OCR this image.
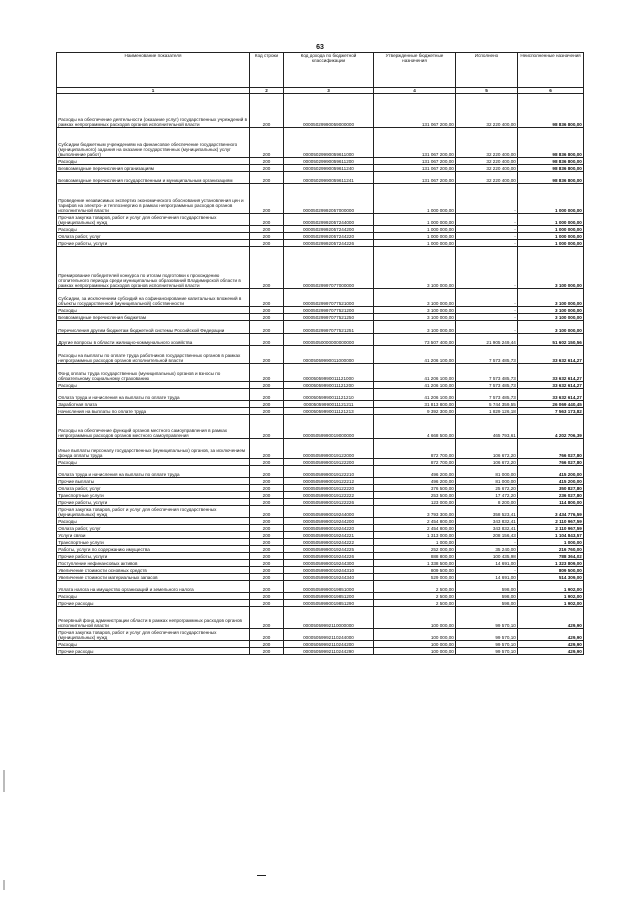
63
Наименование показателя	Код строки	Код дохода по бюджетной классификации	Утвержденные бюджетные назначения	Исполнено	Неисполненные назначения
1	2	3	4	5	6
Расходы на обеспечение деятельности (оказание услуг) государственных учреждений в рамках непрограммных расходов органов исполнительной власти	200	00005029990059000000	131 067 200,00	32 220 400,00	98 836 800,00
Субсидии бюджетным учреждениям на финансовое обеспечение государственного (муниципального) задания на оказание государственных (муниципальных) услуг (выполнение работ)	200	00005029990059611000	131 067 200,00	32 220 400,00	98 836 800,00
Расходы	200	00005029990059611200	131 067 200,00	32 220 400,00	98 836 800,00
Безвозмездные перечисления организациям	200	00005029990059611240	131 067 200,00	32 220 400,00	98 836 800,00
Безвозмездные перечисления государственным и муниципальным организациям	200	00005029990059611241	131 067 200,00	32 220 400,00	98 836 800,00
Проведение независимых экспертиз экономического обоснования установления цен и тарифов на электро- и теплоэнергию в рамках непрограммных расходов органов исполнительной власти	200	00005029992057000000	1 000 000,00	-	1 000 000,00
Прочая закупка товаров, работ и услуг для обеспечения государственных (муниципальных) нужд	200	00005029992057244000	1 000 000,00	-	1 000 000,00
Расходы	200	00005029992057244200	1 000 000,00	-	1 000 000,00
Оплата работ, услуг	200	00005029992057244220	1 000 000,00	-	1 000 000,00
Прочие работы, услуги	200	00005029992057244226	1 000 000,00	-	1 000 000,00
Премирование победителей конкурса по итогам подготовки к прохождению отопительного периода среди муниципальных образований Владимирской области в рамках непрограммных расходов органов исполнительной власти	200	00005029997077000000	3 100 000,00	-	3 100 000,00
Субсидии, за исключением субсидий на софинансирование капитальных вложений в объекты государственной (муниципальной) собственности	200	00005029997077521000	3 100 000,00	-	3 100 000,00
Расходы	200	00005029997077521200	3 100 000,00	-	3 100 000,00
Безвозмездные перечисления бюджетам	200	00005029997077521250	3 100 000,00	-	3 100 000,00
Перечисления другим бюджетам бюджетной системы Российской Федерации	200	00005029997077521251	3 100 000,00	-	3 100 000,00
Другие вопросы в области жилищно-коммунального хозяйства	200	00005050000000000000	73 507 400,00	21 905 249,44	51 602 150,56
Расходы на выплаты по оплате труда работников государственных органов в рамках непрограммных расходов органов исполнительной власти	200	00005059990011000000	41 206 100,00	7 573 485,73	33 632 614,27
Фонд оплаты труда государственных (муниципальных) органов и взносы по обязательному социальному страхованию	200	00005059990011121000	41 206 100,00	7 573 485,73	33 632 614,27
Расходы	200	00005059990011121200	41 206 100,00	7 573 485,73	33 632 614,27
Оплата труда и начисления на выплаты по оплате труда	200	00005059990011121210	41 206 100,00	7 573 485,73	33 632 614,27
Заработная плата	200	00005059990011121211	31 813 800,00	5 744 359,55	26 069 440,45
Начисления на выплаты по оплате труда	200	00005059990011121213	9 392 300,00	1 829 126,18	7 563 173,82
Расходы на обеспечение функций органов местного самоуправления в рамках непрограммных расходов органов местного самоуправления	200	00005059990019000000	4 668 500,00	465 793,61	4 202 706,39
Иные выплаты персоналу государственных (муниципальных) органов, за исключением фонда оплаты труда	200	00005059990019122000	872 700,00	106 672,20	766 027,80
Расходы	200	00005059990019122200	872 700,00	106 672,20	766 027,80
Оплата труда и начисления на выплаты по оплате труда	200	00005059990019122210	496 200,00	81 000,00	415 200,00
Прочие выплаты	200	00005059990019122212	496 200,00	81 000,00	415 200,00
Оплата работ, услуг	200	00005059990019122220	376 500,00	25 672,20	350 827,80
Транспортные услуги	200	00005059990019122222	253 500,00	17 472,20	236 027,80
Прочие работы, услуги	200	00005059990019122226	123 000,00	8 200,00	114 800,00
Прочая закупка товаров, работ и услуг для обеспечения государственных (муниципальных) нужд	200	00005059990019244000	3 793 300,00	358 523,41	3 434 776,59
Расходы	200	00005059990019244200	2 454 800,00	343 832,41	2 110 967,59
Оплата работ, услуг	200	00005059990019244220	2 454 800,00	343 832,41	2 110 967,59
Услуги связи	200	00005059990019244221	1 313 000,00	208 156,43	1 104 843,57
Транспортные услуги	200	00005059990019244222	1 000,00	-	1 000,00
Работы, услуги по содержанию имущества	200	00005059990019244225	252 000,00	35 240,00	216 760,00
Прочие работы, услуги	200	00005059990019244226	888 800,00	100 435,98	788 364,02
Поступление нефинансовых активов	200	00005059990019244300	1 338 500,00	14 691,00	1 323 809,00
Увеличение стоимости основных средств	200	00005059990019244310	809 500,00	-	809 500,00
Увеличение стоимости материальных запасов	200	00005059990019244340	529 000,00	14 691,00	514 309,00
Уплата налога на имущество организаций и земельного налога	200	00005059990019851000	2 500,00	598,00	1 902,00
Расходы	200	00005059990019851200	2 500,00	598,00	1 902,00
Прочие расходы	200	00005059990019851290	2 500,00	598,00	1 902,00
Резервный фонд администрации области в рамках непрограммных расходов органов исполнительной власти	200	00005059992110000000	100 000,00	99 570,10	429,90
Прочая закупка товаров, работ и услуг для обеспечения государственных (муниципальных) нужд	200	00005059992110244000	100 000,00	99 570,10	429,90
Расходы	200	00005059992110244200	100 000,00	99 570,10	429,90
Прочие расходы	200	00005059992110244290	100 000,00	99 570,10	429,90
